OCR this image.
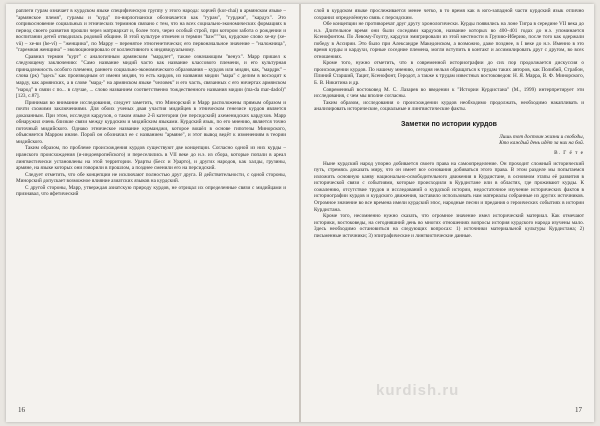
раплеги гурам означает в курдском языке специфическую группу у этого народа: хорчей (kor-chai) в армянском языке – "армянское племя", гурамы и "курд" по-вирлогиански обозначается как "гурам", "гурджи", "кардух". Это соприкосновение социальных и этнических терминов связано с тем, что на всех социально-экономических формациях в период своего развития прошли через матриархат и, более того, через особый строй, при котором забота о рождении и воспитании детей отводилась родовой общине. В этой культуре отмечен и термин "haw"""ки, курдское слово хе-ву (xe-vû) – хе-ви (he-vî) – "женщина", по Марру – перенятое этногенетически; его первоначальное значение – "наложница", "гаремная женщина" – эволюционировало от коллективного к индивидуальному.

Сравнил термин "курт" с аналогичным армянским "мардлет", также означающим "венух". Марр пришел к следующему заключению: "Само название мидий часто как название классового племени, и его культурная принадлежность особого племени, раннего социально-экономического образования – курдов или мидян, как, "мардрк" – слова (рк) "здесь" как производным от имени мидян, то есть кирдов, из названия мидии "мара" с делим в восходит к марду, как армянских, а в слове "мард-" на армянском языке "человек" и его часть, связанных с его ничертах армянском "народ" в связи с по... в случае, ... слово названием соответственно тождественного названия мидии (ma-da mar-dadol)" [123, с.87].

Принимая во внимание исследования, следует заметить, что Минорский и Марр расположены прямым образом и почти схожими заключениями. Для обоих ученых двая участия мидийцев в этническом генезисе курдов является доказанным. При этом, исследуя кардухов, о таком языке 2-й категории (не персидский) ахеменидских кардухов. Марр обнаружил очень близкие связи между курдским и мидийским языками. Курдский язык, по его мнению, является точно поточный мидийского. Однако этническое название курманджи, которое вошёл в основе гипотезы Минорского, объясняется Марром иначе. Порой он обозначил ее с названием "армяне", и этот вывод ведёт к изменениям в теории мидийского.

Таким образом, по проблеме происхождения курдов существуют две концепции. Согласно одной из них курды – иранского происхождения (и-индоевропейского) и переселились в VII веке до н.э. из сбора, которые попали в ареал лингвистически установлены на этой территории. Урарты (Бесс и Урарто), и других народов, как халды, грузины, армяне, на языке которых они говорили в прошлом, а позднее сменили его на персидский.

Следует отметить, что обе концепции не исключают полностью друг друга. В действительности, с одной стороны, Минорский допускает возможное влияние азиатских языков на курдский.

С другой стороны, Марр, утверждая азиатскую природу курдов, не отрицал их определенные связи с мидийцами и признавал, что яфетический

16

слой в курдском языке прослеживается менее четко, в то время как в юго-западной части курдский язык отлично сохранил определённую связь с персидским.

Обе концепции не противоречат друг другу хронологически. Курды появились на лоне Тигра в середине VII века до н.э. Длительное время они были соседями кардухов, название которых во 400–401 годах до н.э. упоминается Ксенофонтом. По Левому-Гоулту, кардухи эмигрировали из этой местности в Грузию-Иберию, после того как одержали победу в Ассирии. Это было при Александре Македонском, а возможно, даже позднее, в I веке до н.э. Именно в это время курды и кардухи, горные соседние племена, могли вступить в контакт и ассимилировать друг с другом, во всех отношениях.

Кроме того, нужно отметить, что в современной историографии до сих пор продолжается дискуссия о происхождении курдов. По нашему мнению, сегодня нельзя обращаться к трудам таких авторов, как Полибий, Страбон, Плиний Старший, Тацит, Ксенофонт, Геродот, а также к трудам известных востоковедов: Н. Я. Марра, В. Ф. Минорского, Б. В. Никитина и др.

Современный востоковед М. С. Лазарев во введении к "Истории Курдистана" (М., 1999) интерпретирует эти исследования, с чем мы вполне согласны.

Таким образом, исследования о происхождении курдов необходимо продолжать, необходимо накапливать и анализировать исторические, социальные и лингвистические факты.

Заметки по истории курдов
Лишь тот достоин жизни и свободы,
Кто каждый день идёт за них на бой.
В. Г ё т е

Ныне курдский народ упорно добивается своего права на самоопределение. Он проходит сложный исторический путь, стремясь доказать миру, что он имеет все основания добиваться этого права. В этом разделе мы попытаемся изложить основную канву национально-освободительного движения в Курдистане, в основном этапы её развития в исторической связи с событиями, которые происходили в Курдистане или в областях, где проживают курды. К сожалению, отсутствие трудов и исследований о курдской истории, недостаточное изучение исторических фактов в историографии курдов и курдского движения, заставило использовать нам материалы собранные из других источников. Огромное значение во все времена имели курдский эпос, народные песни и предания о героических событиях в истории Курдистана.

Кроме того, несомненно нужно сказать, что огромное значение имел исторический материал. Как отмечают историки, востоковеды, на сегодняшний день во многих отношениях вопросы история курдского народа изучены мало. Здесь необходимо остановиться на следующих вопросах: 1) источники материальной культуры Курдистана; 2) письменные источники; 3) эпиграфические и лингвистические данные.

17
kurdish.ru
